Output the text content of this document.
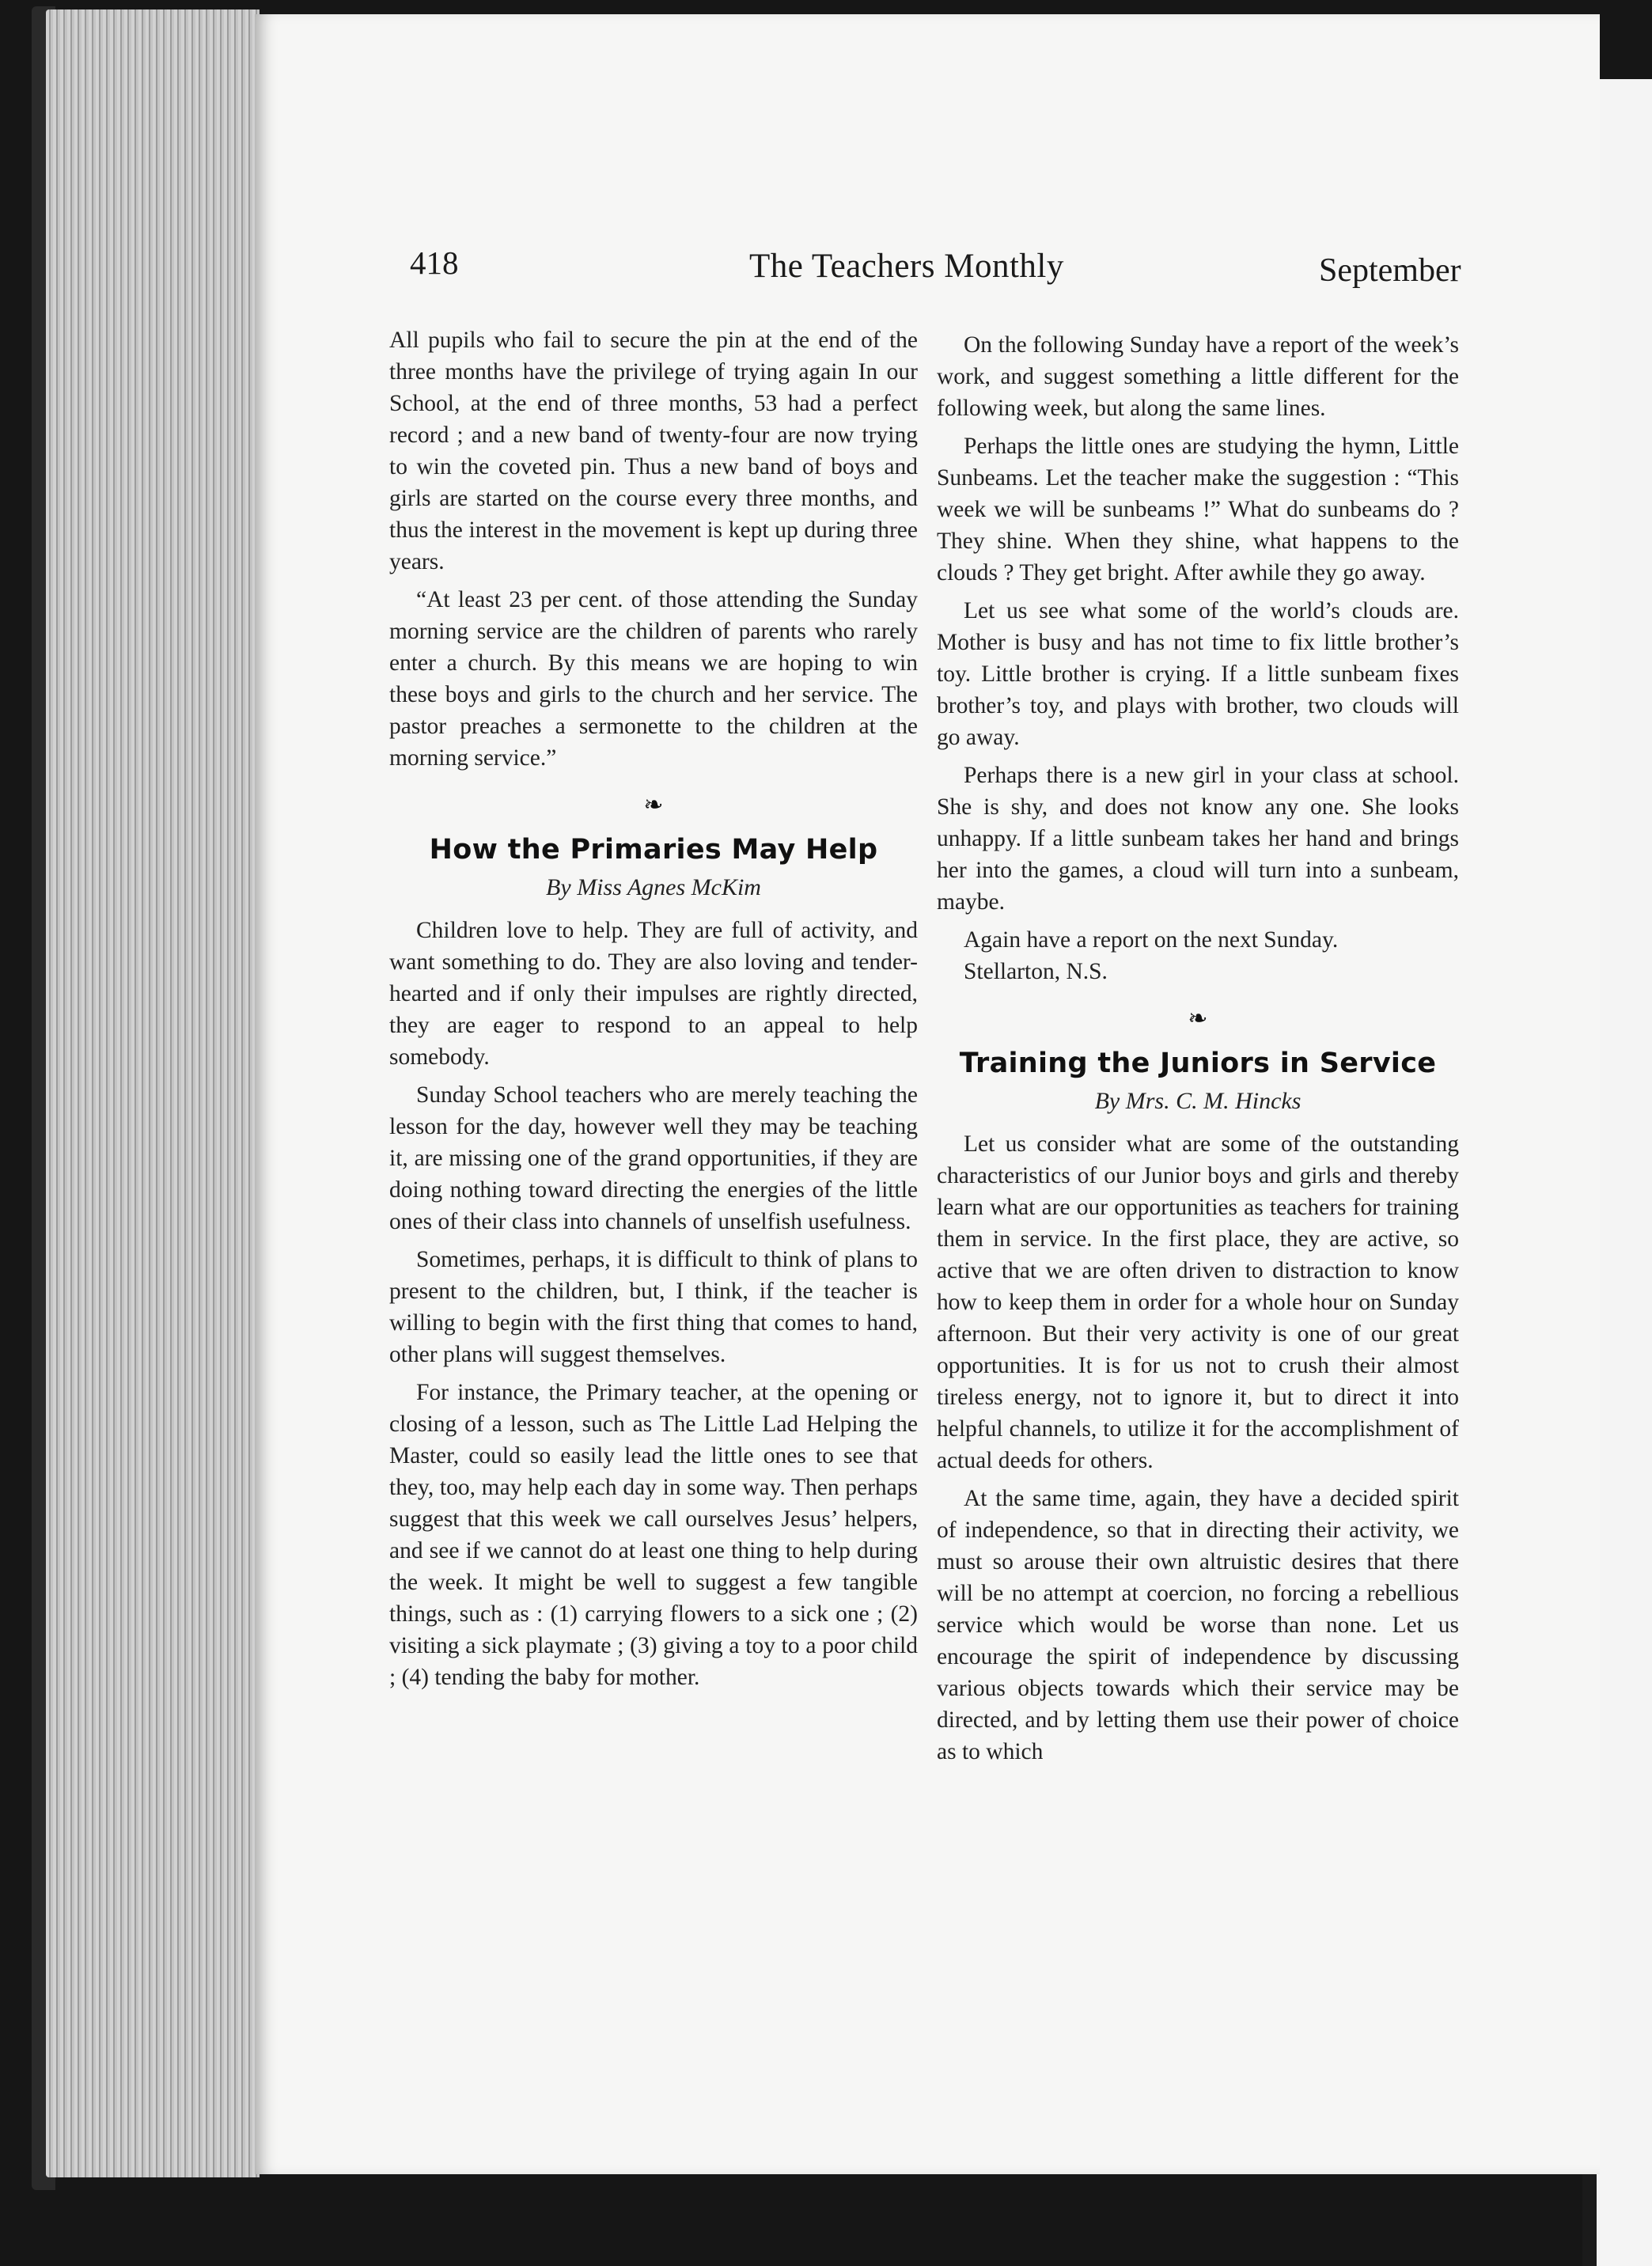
418	The Teachers Monthly	September

All pupils who fail to secure the pin at the end of the three months have the privilege of trying again In our School, at the end of three months, 53 had a perfect record ; and a new band of twenty-four are now trying to win the coveted pin. Thus a new band of boys and girls are started on the course every three months, and thus the interest in the movement is kept up during three years.

“At least 23 per cent. of those attending the Sunday morning service are the children of parents who rarely enter a church. By this means we are hoping to win these boys and girls to the church and her service. The pastor preaches a sermonette to the children at the morning service.”

❧
How the Primaries May Help
By Miss Agnes McKim

Children love to help. They are full of activity, and want something to do. They are also loving and tender-hearted and if only their impulses are rightly directed, they are eager to respond to an appeal to help somebody.

Sunday School teachers who are merely teaching the lesson for the day, however well they may be teaching it, are missing one of the grand opportunities, if they are doing nothing toward directing the energies of the little ones of their class into channels of unselfish usefulness.

Sometimes, perhaps, it is difficult to think of plans to present to the children, but, I think, if the teacher is willing to begin with the first thing that comes to hand, other plans will suggest themselves.

For instance, the Primary teacher, at the opening or closing of a lesson, such as The Little Lad Helping the Master, could so easily lead the little ones to see that they, too, may help each day in some way. Then perhaps suggest that this week we call ourselves Jesus’ helpers, and see if we cannot do at least one thing to help during the week. It might be well to suggest a few tangible things, such as : (1) carrying flowers to a sick one ; (2) visiting a sick playmate ; (3) giving a toy to a poor child ; (4) tending the baby for mother.

On the following Sunday have a report of the week’s work, and suggest something a little different for the following week, but along the same lines.

Perhaps the little ones are studying the hymn, Little Sunbeams. Let the teacher make the suggestion : “This week we will be sunbeams !” What do sunbeams do ? They shine. When they shine, what happens to the clouds ? They get bright. After awhile they go away.

Let us see what some of the world’s clouds are. Mother is busy and has not time to fix little brother’s toy. Little brother is crying. If a little sunbeam fixes brother’s toy, and plays with brother, two clouds will go away.

Perhaps there is a new girl in your class at school. She is shy, and does not know any one. She looks unhappy. If a little sunbeam takes her hand and brings her into the games, a cloud will turn into a sunbeam, maybe.

Again have a report on the next Sunday.

Stellarton, N.S.

❧
Training the Juniors in Service
By Mrs. C. M. Hincks

Let us consider what are some of the outstanding characteristics of our Junior boys and girls and thereby learn what are our opportunities as teachers for training them in service. In the first place, they are active, so active that we are often driven to distraction to know how to keep them in order for a whole hour on Sunday afternoon. But their very activity is one of our great opportunities. It is for us not to crush their almost tireless energy, not to ignore it, but to direct it into helpful channels, to utilize it for the accomplishment of actual deeds for others.

At the same time, again, they have a decided spirit of independence, so that in directing their activity, we must so arouse their own altruistic desires that there will be no attempt at coercion, no forcing a rebellious service which would be worse than none. Let us encourage the spirit of independence by discussing various objects towards which their service may be directed, and by letting them use their power of choice as to which
